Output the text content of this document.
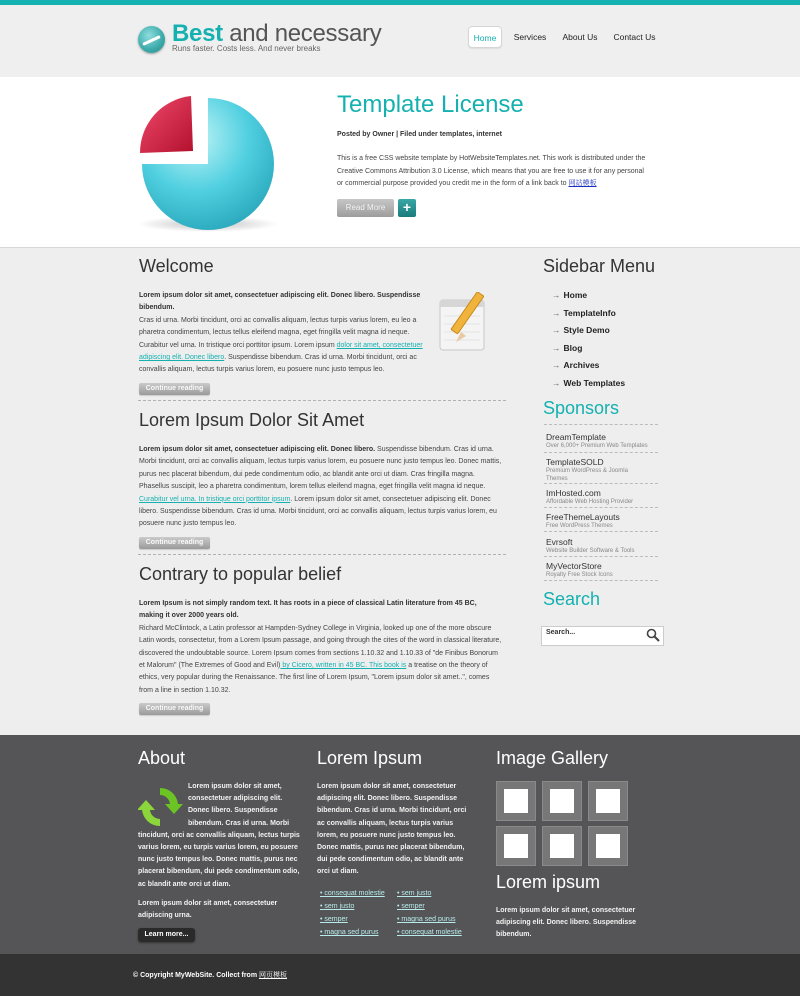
Best and necessary
Runs faster. Costs less. And never breaks
Home	Services	About Us	Contact Us
Template License
Posted by Owner | Filed under templates, internet
This is a free CSS website template by HotWebsiteTemplates.net. This work is distributed under the Creative Commons Attribution 3.0 License, which means that you are free to use it for any personal or commercial purpose provided you credit me in the form of a link back to 网站模板
Read More	+
Welcome
Lorem ipsum dolor sit amet, consectetuer adipiscing elit. Donec libero. Suspendisse bibendum.
Cras id urna. Morbi tincidunt, orci ac convallis aliquam, lectus turpis varius lorem, eu leo a pharetra condimentum, lectus tellus eleifend magna, eget fringilla velit magna id neque. Curabitur vel urna. In tristique orci porttitor ipsum. Lorem ipsum dolor sit amet, consectetuer adipiscing elit. Donec libero. Suspendisse bibendum. Cras id urna. Morbi tincidunt, orci ac convallis aliquam, lectus turpis varius lorem, eu posuere nunc justo tempus leo.
Continue reading
Lorem Ipsum Dolor Sit Amet
Lorem ipsum dolor sit amet, consectetuer adipiscing elit. Donec libero. Suspendisse bibendum. Cras id urna. Morbi tincidunt, orci ac convallis aliquam, lectus turpis varius lorem, eu posuere nunc justo tempus leo. Donec mattis, purus nec placerat bibendum, dui pede condimentum odio, ac blandit ante orci ut diam. Cras fringilla magna. Phasellus suscipit, leo a pharetra condimentum, lorem tellus eleifend magna, eget fringilla velit magna id neque. Curabitur vel urna. In tristique orci porttitor ipsum. Lorem ipsum dolor sit amet, consectetuer adipiscing elit. Donec libero. Suspendisse bibendum. Cras id urna. Morbi tincidunt, orci ac convallis aliquam, lectus turpis varius lorem, eu posuere nunc justo tempus leo.
Continue reading
Contrary to popular belief
Lorem Ipsum is not simply random text. It has roots in a piece of classical Latin literature from 45 BC, making it over 2000 years old.
Richard McClintock, a Latin professor at Hampden-Sydney College in Virginia, looked up one of the more obscure Latin words, consectetur, from a Lorem Ipsum passage, and going through the cites of the word in classical literature, discovered the undoubtable source. Lorem Ipsum comes from sections 1.10.32 and 1.10.33 of "de Finibus Bonorum et Malorum" (The Extremes of Good and Evil) by Cicero, written in 45 BC. This book is a treatise on the theory of ethics, very popular during the Renaissance. The first line of Lorem Ipsum, "Lorem ipsum dolor sit amet..", comes from a line in section 1.10.32.
Continue reading
Sidebar Menu
→ Home
→ TemplateInfo
→ Style Demo
→ Blog
→ Archives
→ Web Templates
Sponsors
DreamTemplate
Over 6,000+ Premium Web Templates
TemplateSOLD
Premium WordPress & Joomla Themes
ImHosted.com
Affordable Web Hosting Provider
FreeThemeLayouts
Free WordPress Themes
Evrsoft
Website Builder Software & Tools
MyVectorStore
Royalty Free Stock Icons
Search
Search...
About
Lorem ipsum dolor sit amet, consectetuer adipiscing elit. Donec libero. Suspendisse bibendum. Cras id urna. Morbi tincidunt, orci ac convallis aliquam, lectus turpis varius lorem, eu turpis varius lorem, eu posuere nunc justo tempus leo. Donec mattis, purus nec placerat bibendum, dui pede condimentum odio, ac blandit ante orci ut diam.
Lorem ipsum dolor sit amet, consectetuer adipiscing urna.
Learn more...
Lorem Ipsum
Lorem ipsum dolor sit amet, consectetuer adipiscing elit. Donec libero. Suspendisse bibendum. Cras id urna. Morbi tincidunt, orci ac convallis aliquam, lectus turpis varius lorem, eu posuere nunc justo tempus leo.
Donec mattis, purus nec placerat bibendum, dui pede condimentum odio, ac blandit ante orci ut diam.
• consequat molestie
• sem justo
• semper
• magna sed purus
• sem justo
• semper
• magna sed purus
• consequat molestie
Image Gallery
Lorem ipsum
Lorem ipsum dolor sit amet, consectetuer adipiscing elit. Donec libero. Suspendisse bibendum.
© Copyright MyWebSite. Collect from 网页模板
